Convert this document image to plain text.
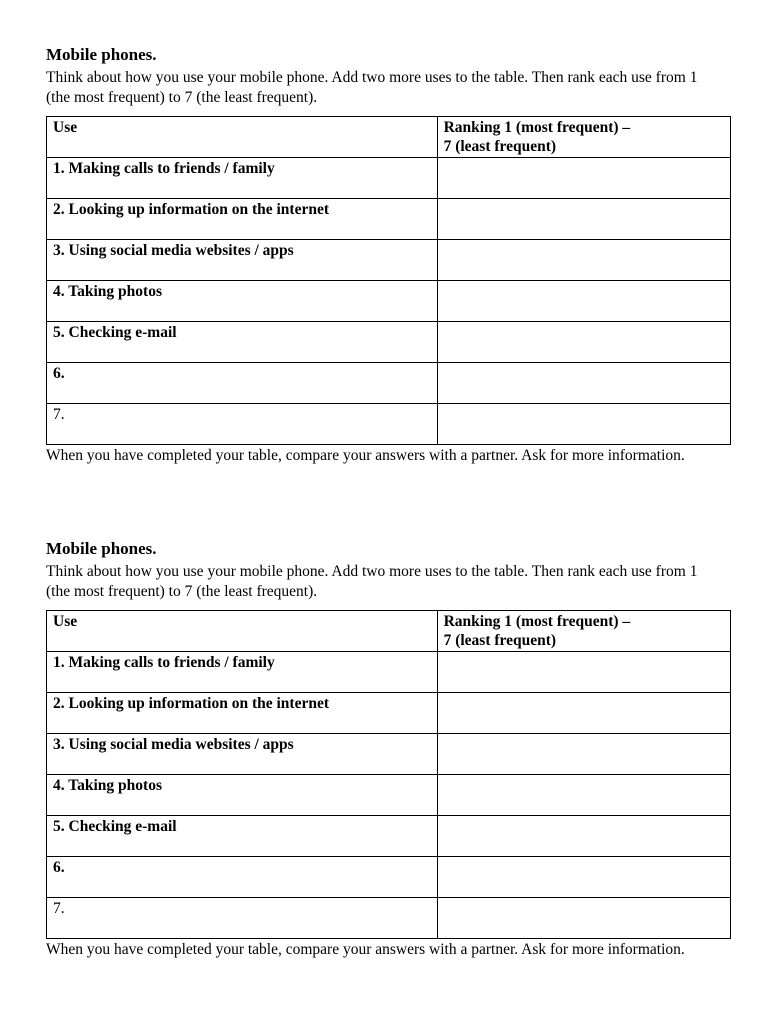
Mobile phones.

Think about how you use your mobile phone. Add two more uses to the table. Then rank each use from 1 (the most frequent) to 7 (the least frequent).

Use	Ranking 1 (most frequent) –
7 (least frequent)
1. Making calls to friends / family	
2. Looking up information on the internet	
3. Using social media websites / apps	
4. Taking photos	
5. Checking e-mail	
6.	
7.	

When you have completed your table, compare your answers with a partner. Ask for more information.

Mobile phones.

Think about how you use your mobile phone. Add two more uses to the table. Then rank each use from 1 (the most frequent) to 7 (the least frequent).

Use	Ranking 1 (most frequent) –
7 (least frequent)
1. Making calls to friends / family	
2. Looking up information on the internet	
3. Using social media websites / apps	
4. Taking photos	
5. Checking e-mail	
6.	
7.	

When you have completed your table, compare your answers with a partner. Ask for more information.
